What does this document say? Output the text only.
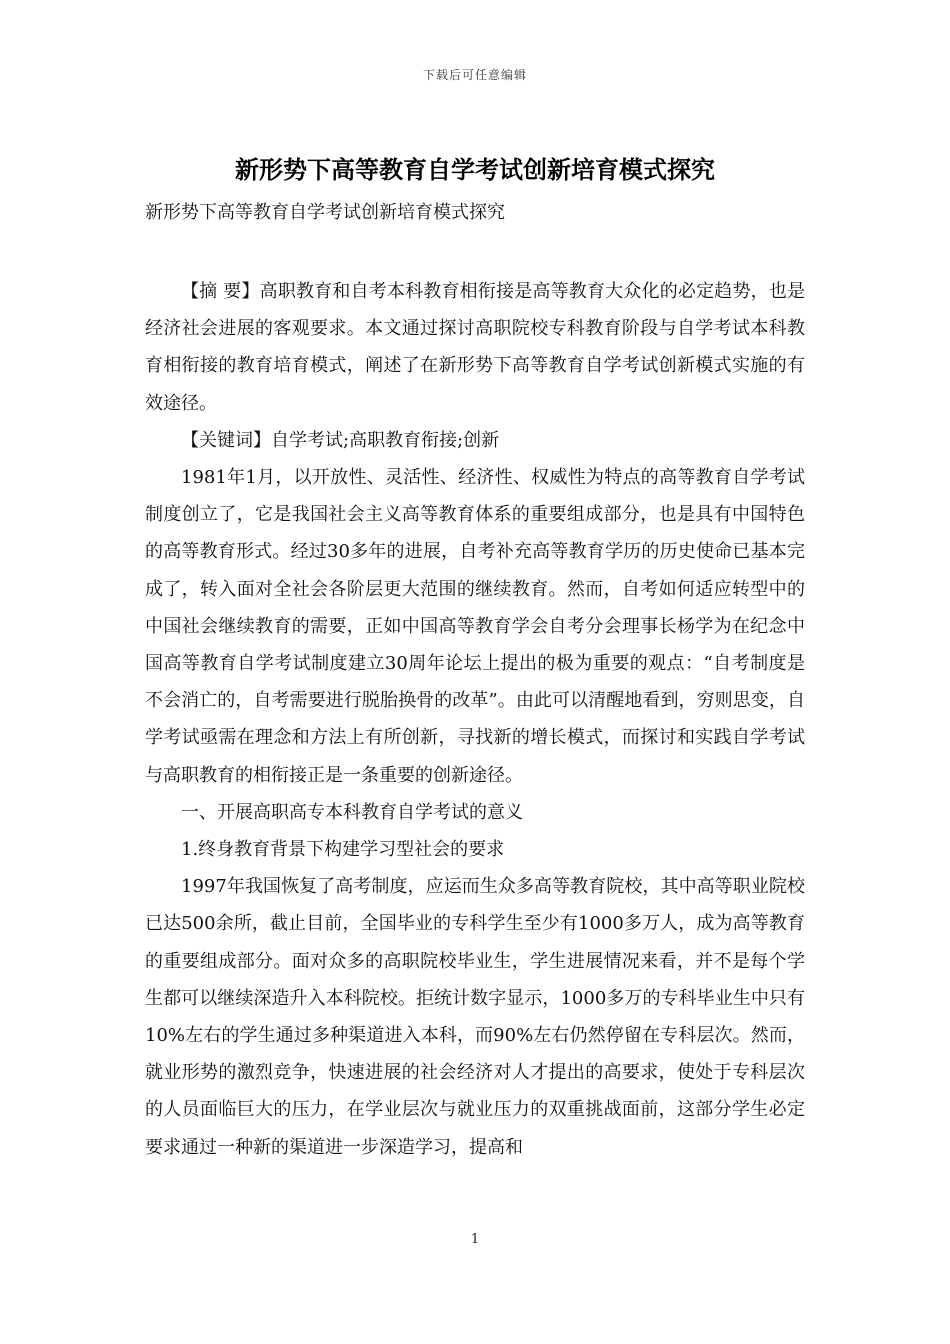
下载后可任意编辑
新形势下高等教育自学考试创新培育模式探究

新形势下高等教育自学考试创新培育模式探究

【摘 要】高职教育和自考本科教育相衔接是高等教育大众化的必定趋势，也是经济社会进展的客观要求。本文通过探讨高职院校专科教育阶段与自学考试本科教育相衔接的教育培育模式，阐述了在新形势下高等教育自学考试创新模式实施的有效途径。

【关键词】自学考试;高职教育衔接;创新

1981年1月，以开放性、灵活性、经济性、权威性为特点的高等教育自学考试制度创立了，它是我国社会主义高等教育体系的重要组成部分，也是具有中国特色的高等教育形式。经过30多年的进展，自考补充高等教育学历的历史使命已基本完成了，转入面对全社会各阶层更大范围的继续教育。然而，自考如何适应转型中的中国社会继续教育的需要，正如中国高等教育学会自考分会理事长杨学为在纪念中国高等教育自学考试制度建立30周年论坛上提出的极为重要的观点：“自考制度是不会消亡的，自考需要进行脱胎换骨的改革”。由此可以清醒地看到，穷则思变，自学考试亟需在理念和方法上有所创新，寻找新的增长模式，而探讨和实践自学考试与高职教育的相衔接正是一条重要的创新途径。

一、开展高职高专本科教育自学考试的意义

1.终身教育背景下构建学习型社会的要求

1997年我国恢复了高考制度，应运而生众多高等教育院校，其中高等职业院校已达500余所，截止目前，全国毕业的专科学生至少有1000多万人，成为高等教育的重要组成部分。面对众多的高职院校毕业生，学生进展情况来看，并不是每个学生都可以继续深造升入本科院校。拒统计数字显示，1000多万的专科毕业生中只有10%左右的学生通过多种渠道进入本科，而90%左右仍然停留在专科层次。然而，就业形势的激烈竞争，快速进展的社会经济对人才提出的高要求，使处于专科层次的人员面临巨大的压力，在学业层次与就业压力的双重挑战面前，这部分学生必定要求通过一种新的渠道进一步深造学习，提高和

1
